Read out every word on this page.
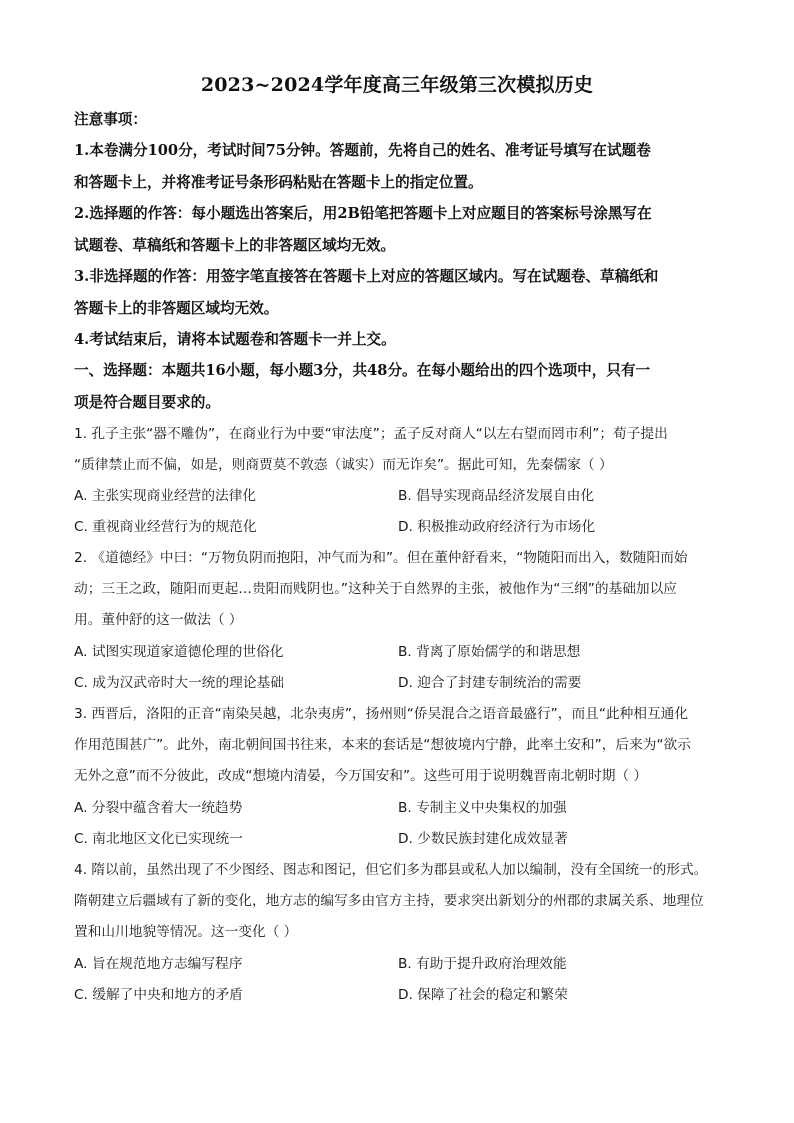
2023~2024学年度高三年级第三次模拟历史
注意事项：
1.本卷满分100分，考试时间75分钟。答题前，先将自己的姓名、准考证号填写在试题卷
和答题卡上，并将准考证号条形码粘贴在答题卡上的指定位置。
2.选择题的作答：每小题选出答案后，用2B铅笔把答题卡上对应题目的答案标号涂黑写在
试题卷、草稿纸和答题卡上的非答题区域均无效。
3.非选择题的作答：用签字笔直接答在答题卡上对应的答题区域内。写在试题卷、草稿纸和
答题卡上的非答题区域均无效。
4.考试结束后，请将本试题卷和答题卡一并上交。
一、选择题：本题共16小题，每小题3分，共48分。在每小题给出的四个选项中，只有一
项是符合题目要求的。
1. 孔子主张“器不雕伪”，在商业行为中要“审法度”；孟子反对商人“以左右望而罔市利”；荀子提出
“质律禁止而不偏，如是，则商贾莫不敦悫（诚实）而无诈矣”。据此可知，先秦儒家（ ）
A. 主张实现商业经营的法律化	B. 倡导实现商品经济发展自由化
C. 重视商业经营行为的规范化	D. 积极推动政府经济行为市场化
2. 《道德经》中曰：“万物负阴而抱阳，冲气而为和”。但在董仲舒看来，“物随阳而出入，数随阳而始
动；三王之政，随阳而更起…贵阳而贱阴也。”这种关于自然界的主张，被他作为“三纲”的基础加以应
用。董仲舒的这一做法（ ）
A. 试图实现道家道德伦理的世俗化	B. 背离了原始儒学的和谐思想
C. 成为汉武帝时大一统的理论基础	D. 迎合了封建专制统治的需要
3. 西晋后，洛阳的正音“南染吴越，北杂夷虏”，扬州则“侨吴混合之语音最盛行”，而且“此种相互通化
作用范围甚广”。此外，南北朝间国书往来，本来的套话是“想彼境内宁静，此率土安和”，后来为“欲示
无外之意”而不分彼此，改成“想境内清晏，今万国安和”。这些可用于说明魏晋南北朝时期（ ）
A. 分裂中蕴含着大一统趋势	B. 专制主义中央集权的加强
C. 南北地区文化已实现统一	D. 少数民族封建化成效显著
4. 隋以前，虽然出现了不少图经、图志和图记，但它们多为郡县或私人加以编制，没有全国统一的形式。
隋朝建立后疆域有了新的变化，地方志的编写多由官方主持，要求突出新划分的州郡的隶属关系、地理位
置和山川地貌等情况。这一变化（ ）
A. 旨在规范地方志编写程序	B. 有助于提升政府治理效能
C. 缓解了中央和地方的矛盾	D. 保障了社会的稳定和繁荣
